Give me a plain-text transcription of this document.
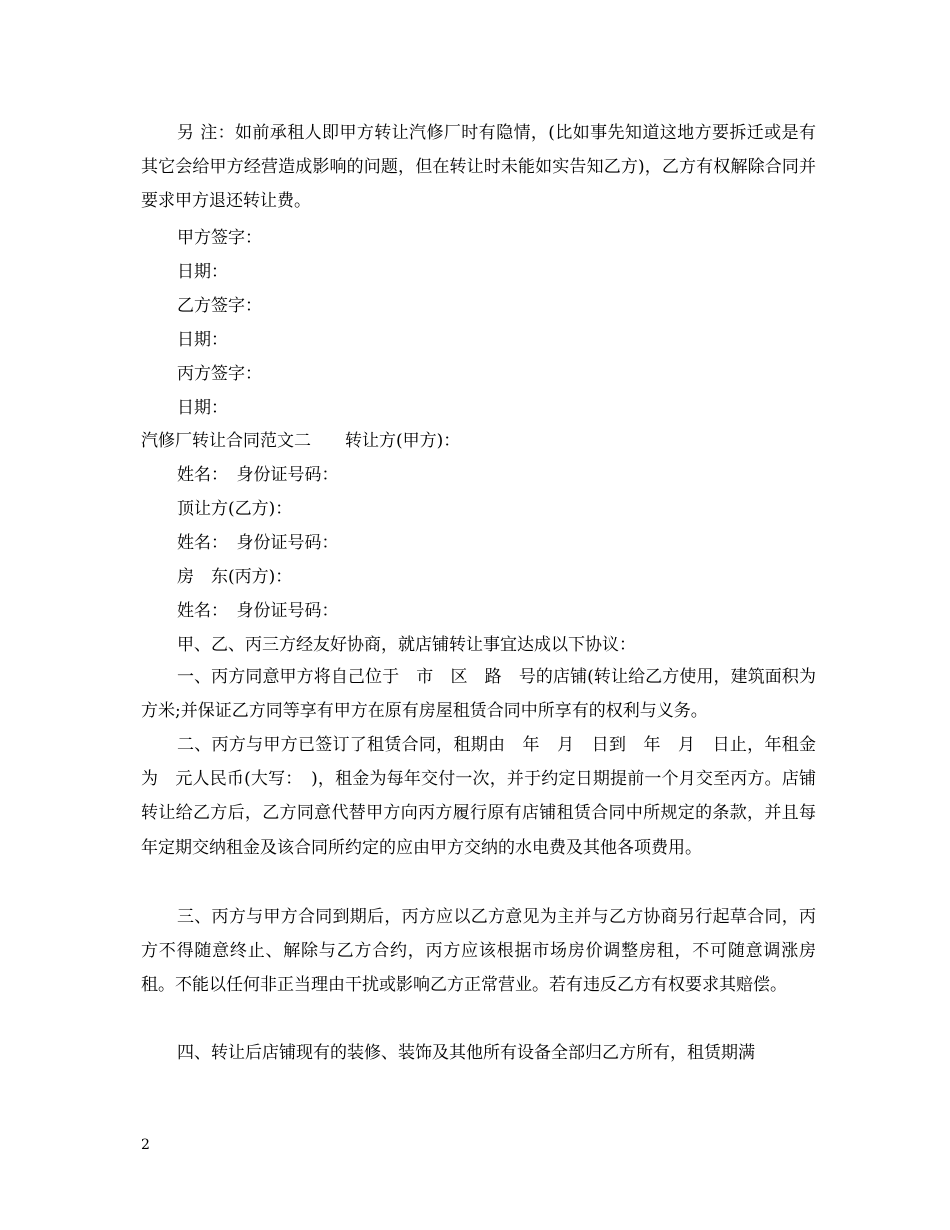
另 注：如前承租人即甲方转让汽修厂时有隐情，(比如事先知道这地方要拆迁或是有其它会给甲方经营造成影响的问题，但在转让时未能如实告知乙方)，乙方有权解除合同并要求甲方退还转让费。

甲方签字：
日期：
乙方签字：
日期：
丙方签字：
日期：
汽修厂转让合同范文二　　转让方(甲方)：
姓名：　身份证号码：
顶让方(乙方)：
姓名：　身份证号码：
房　东(丙方)：
姓名：　身份证号码：
甲、乙、丙三方经友好协商，就店铺转让事宜达成以下协议：

一、丙方同意甲方将自己位于　市　区　路　号的店铺(转让给乙方使用，建筑面积为方米;并保证乙方同等享有甲方在原有房屋租赁合同中所享有的权利与义务。

二、丙方与甲方已签订了租赁合同，租期由　年　月　日到　年　月　日止，年租金为　元人民币(大写：　)，租金为每年交付一次，并于约定日期提前一个月交至丙方。店铺转让给乙方后，乙方同意代替甲方向丙方履行原有店铺租赁合同中所规定的条款，并且每年定期交纳租金及该合同所约定的应由甲方交纳的水电费及其他各项费用。

三、丙方与甲方合同到期后，丙方应以乙方意见为主并与乙方协商另行起草合同，丙方不得随意终止、解除与乙方合约，丙方应该根据市场房价调整房租，不可随意调涨房租。不能以任何非正当理由干扰或影响乙方正常营业。若有违反乙方有权要求其赔偿。

四、转让后店铺现有的装修、装饰及其他所有设备全部归乙方所有，租赁期满

2
